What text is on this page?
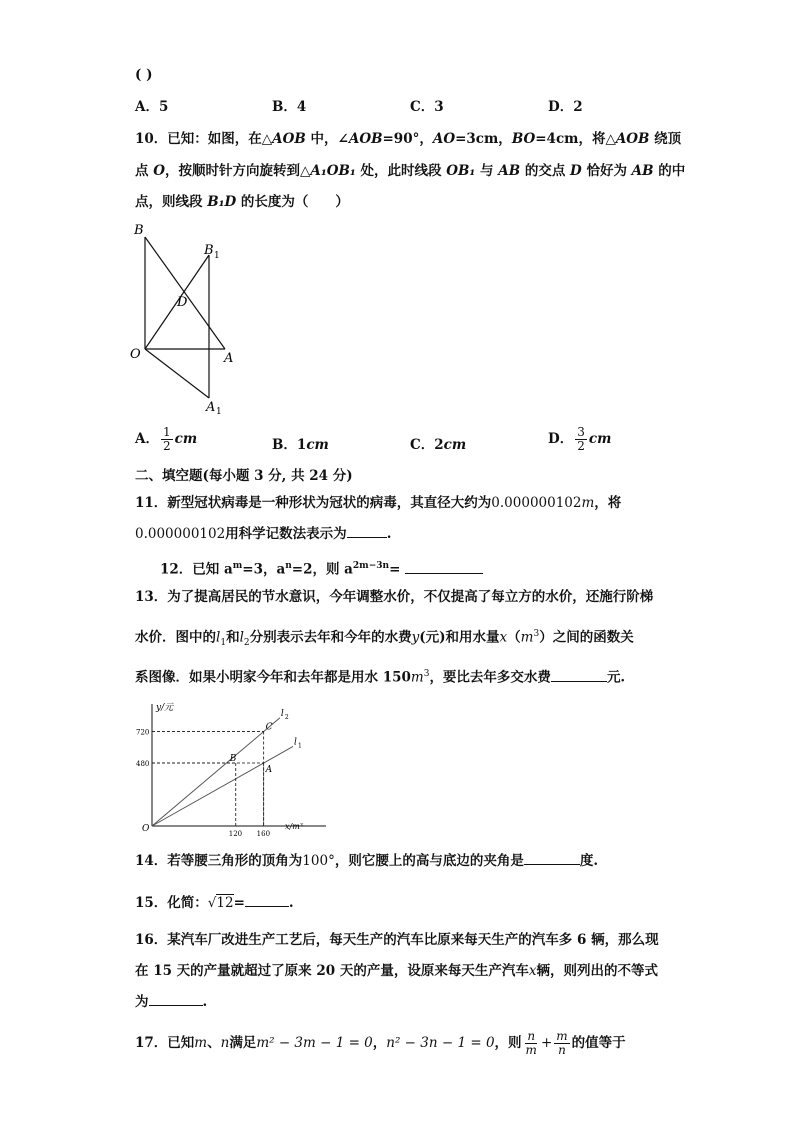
( )
A．5	B．4	C．3	D．2
10．已知：如图，在△AOB 中，∠AOB=90°，AO=3cm，BO=4cm，将△AOB 绕顶
点 O，按顺时针方向旋转到△A₁OB₁ 处，此时线段 OB₁ 与 AB 的交点 D 恰好为 AB 的中
点，则线段 B₁D 的长度为（　　）
B
B 1
D
O	A
A 1
A． $\frac{1}{2}$ cm	B．1cm	C．2cm	D． $\frac{3}{2}$ cm
二、填空题(每小题 3 分, 共 24 分)
11．新型冠状病毒是一种形状为冠状的病毒，其直径大约为0.000000102m，将
0.000000102用科学记数法表示为	.
12．已知 $a^m=3$，$a^n=2$，则 $a^{2m-3n}=$
13．为了提高居民的节水意识，今年调整水价，不仅提高了每立方的水价，还施行阶梯
水价．图中的$l_1$和$l_2$分别表示去年和今年的水费y(元)和用水量$x(m^3)$之间的函数关
系图像．如果小明家今年和去年都是用水 $150m^3$，要比去年多交水费	元.
y/元
x/m³
O
l 2
l 1
B
C
A
120 160
480
720
14．若等腰三角形的顶角为100°，则它腰上的高与底边的夹角是	度.
15．化简：√12=	.
16．某汽车厂改进生产工艺后，每天生产的汽车比原来每天生产的汽车多 6 辆，那么现
在 15 天的产量就超过了原来 20 天的产量，设原来每天生产汽车x辆，则列出的不等式
为	.
17．已知m、n满足m² − 3m − 1 = 0，n² − 3n − 1 = 0，则 $\frac{n}{m} + \frac{m}{n}$ 的值等于
